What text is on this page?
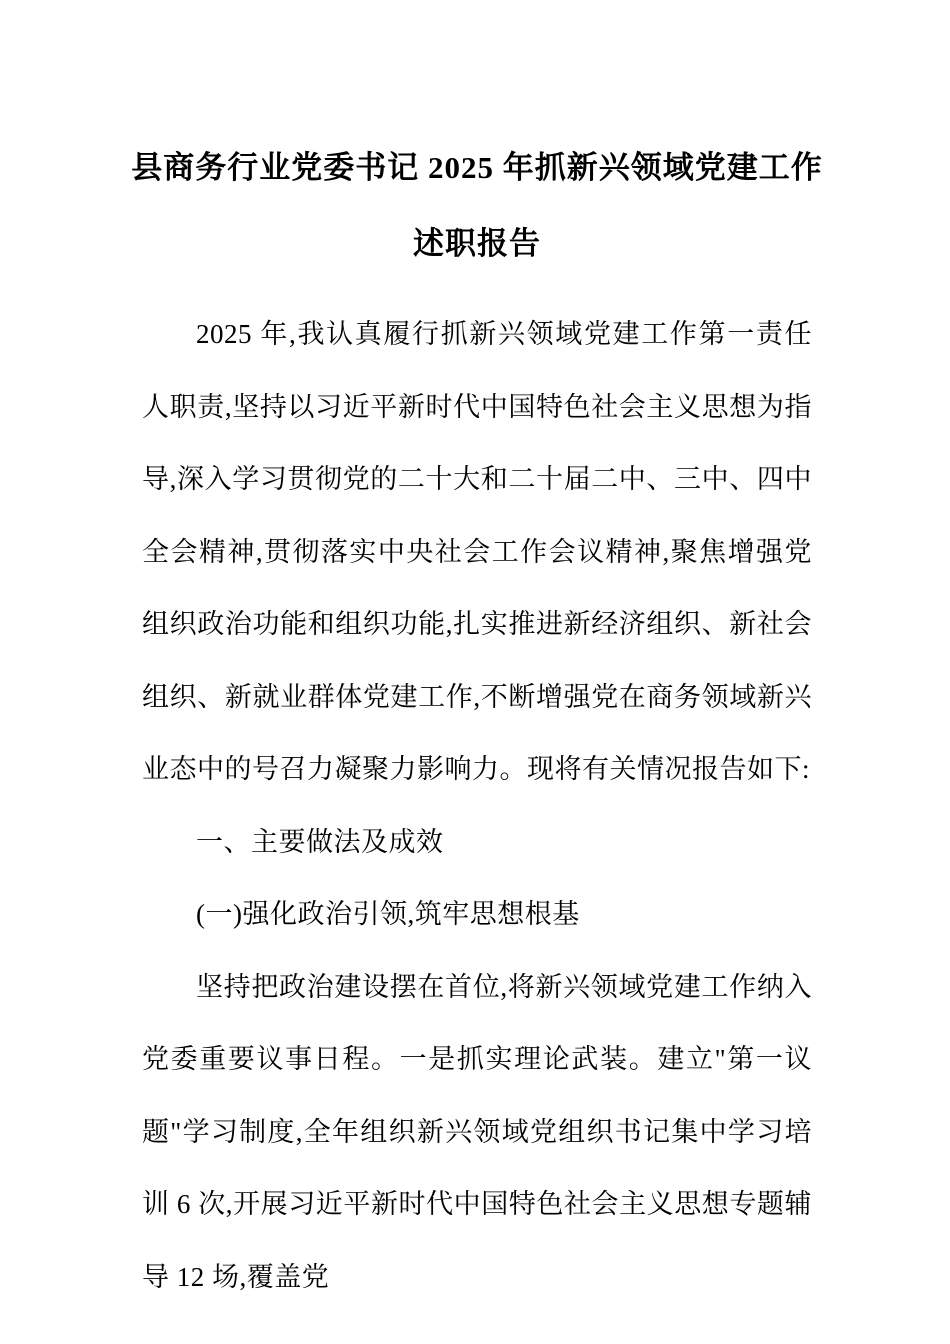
县商务行业党委书记 2025 年抓新兴领域党建工作述职报告

2025 年,我认真履行抓新兴领域党建工作第一责任人职责,坚持以习近平新时代中国特色社会主义思想为指导,深入学习贯彻党的二十大和二十届二中、三中、四中全会精神,贯彻落实中央社会工作会议精神,聚焦增强党组织政治功能和组织功能,扎实推进新经济组织、新社会组织、新就业群体党建工作,不断增强党在商务领域新兴业态中的号召力凝聚力影响力。现将有关情况报告如下:

一、主要做法及成效

(一)强化政治引领,筑牢思想根基

坚持把政治建设摆在首位,将新兴领域党建工作纳入党委重要议事日程。一是抓实理论武装。建立"第一议题"学习制度,全年组织新兴领域党组织书记集中学习培训 6 次,开展习近平新时代中国特色社会主义思想专题辅导 12 场,覆盖党
